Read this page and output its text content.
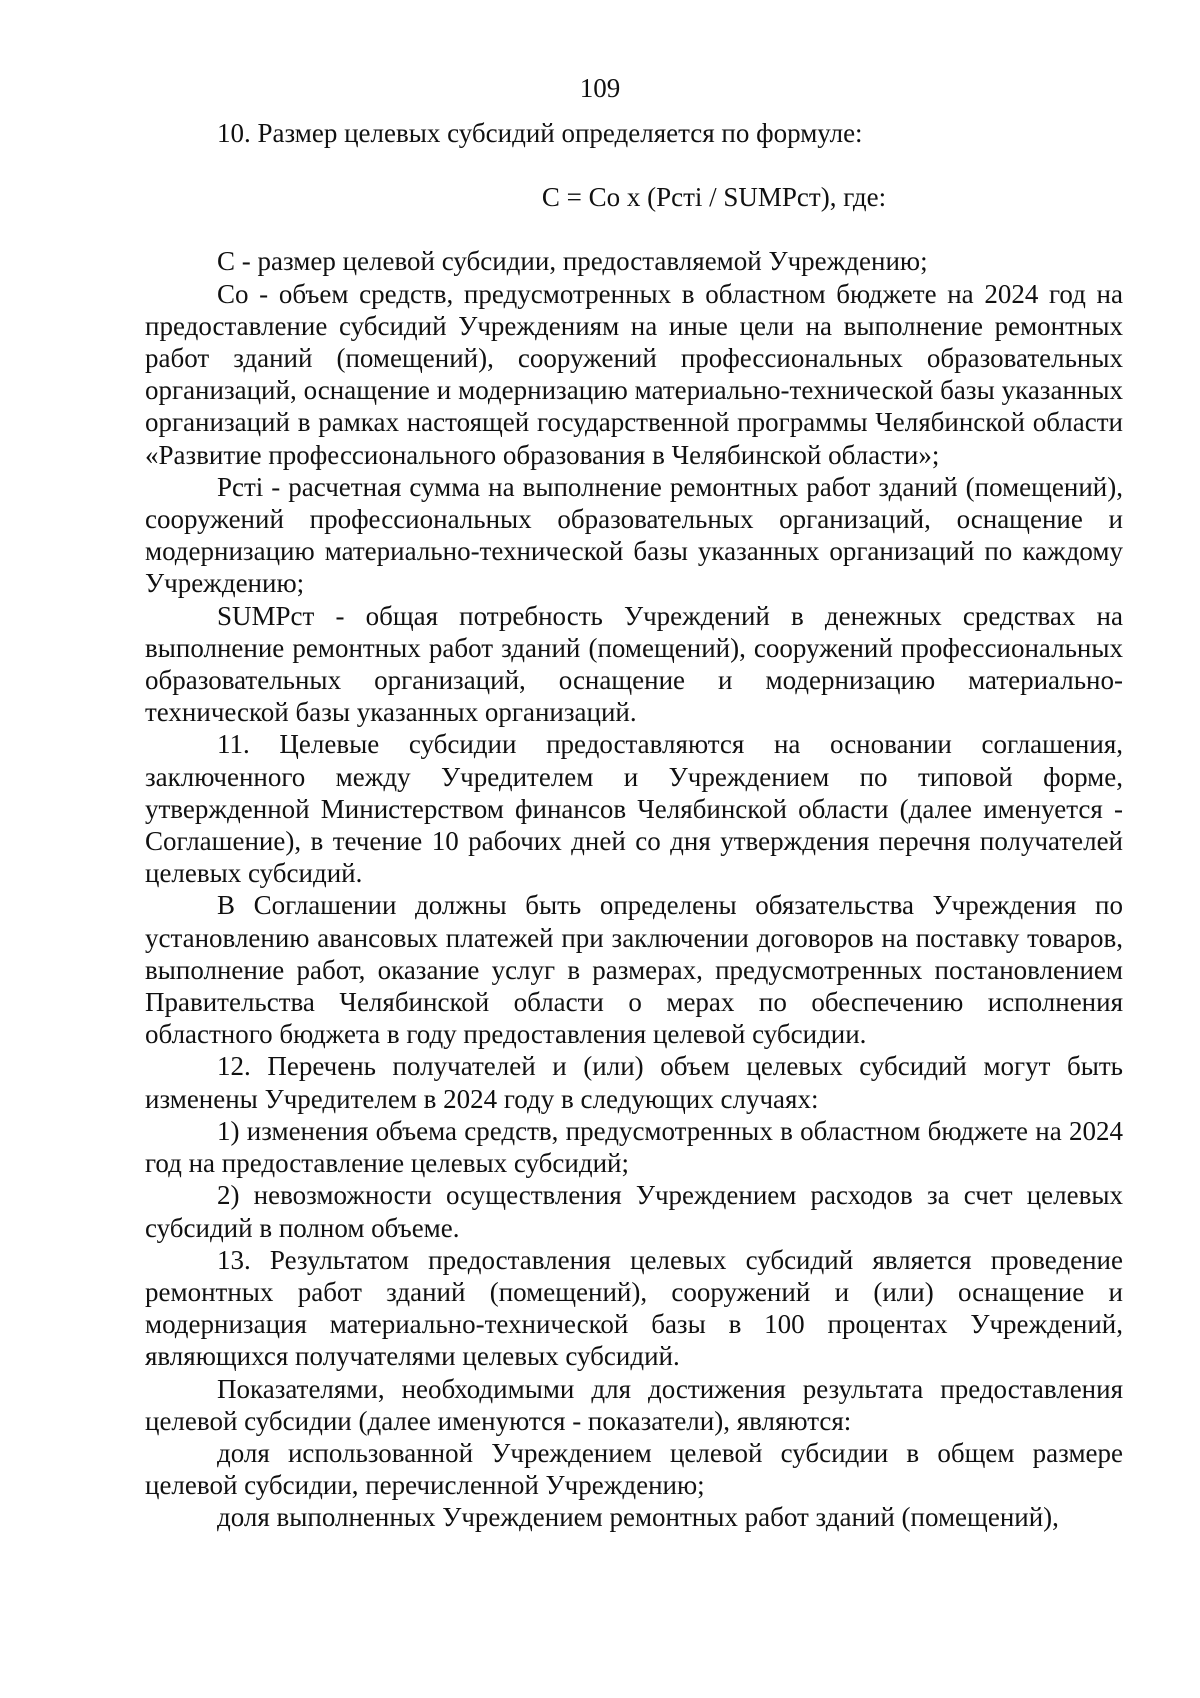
109

10. Размер целевых субсидий определяется по формуле:

С = Со х (Рсті / SUMРст), где:

С - размер целевой субсидии, предоставляемой Учреждению;

Со - объем средств, предусмотренных в областном бюджете на 2024 год на предоставление субсидий Учреждениям на иные цели на выполнение ремонтных работ зданий (помещений), сооружений профессиональных образовательных организаций, оснащение и модернизацию материально-технической базы указанных организаций в рамках настоящей государственной программы Челябинской области «Развитие профессионального образования в Челябинской области»;

Рсті - расчетная сумма на выполнение ремонтных работ зданий (помещений), сооружений профессиональных образовательных организаций, оснащение и модернизацию материально-технической базы указанных организаций по каждому Учреждению;

SUMРст - общая потребность Учреждений в денежных средствах на выполнение ремонтных работ зданий (помещений), сооружений профессиональных образовательных организаций, оснащение и модернизацию материально-технической базы указанных организаций.

11. Целевые субсидии предоставляются на основании соглашения, заключенного между Учредителем и Учреждением по типовой форме, утвержденной Министерством финансов Челябинской области (далее именуется - Соглашение), в течение 10 рабочих дней со дня утверждения перечня получателей целевых субсидий.

В Соглашении должны быть определены обязательства Учреждения по установлению авансовых платежей при заключении договоров на поставку товаров, выполнение работ, оказание услуг в размерах, предусмотренных постановлением Правительства Челябинской области о мерах по обеспечению исполнения областного бюджета в году предоставления целевой субсидии.

12. Перечень получателей и (или) объем целевых субсидий могут быть изменены Учредителем в 2024 году в следующих случаях:

1) изменения объема средств, предусмотренных в областном бюджете на 2024 год на предоставление целевых субсидий;

2) невозможности осуществления Учреждением расходов за счет целевых субсидий в полном объеме.

13. Результатом предоставления целевых субсидий является проведение ремонтных работ зданий (помещений), сооружений и (или) оснащение и модернизация материально-технической базы в 100 процентах Учреждений, являющихся получателями целевых субсидий.

Показателями, необходимыми для достижения результата предоставления целевой субсидии (далее именуются - показатели), являются:

доля использованной Учреждением целевой субсидии в общем размере целевой субсидии, перечисленной Учреждению;

доля выполненных Учреждением ремонтных работ зданий (помещений),
